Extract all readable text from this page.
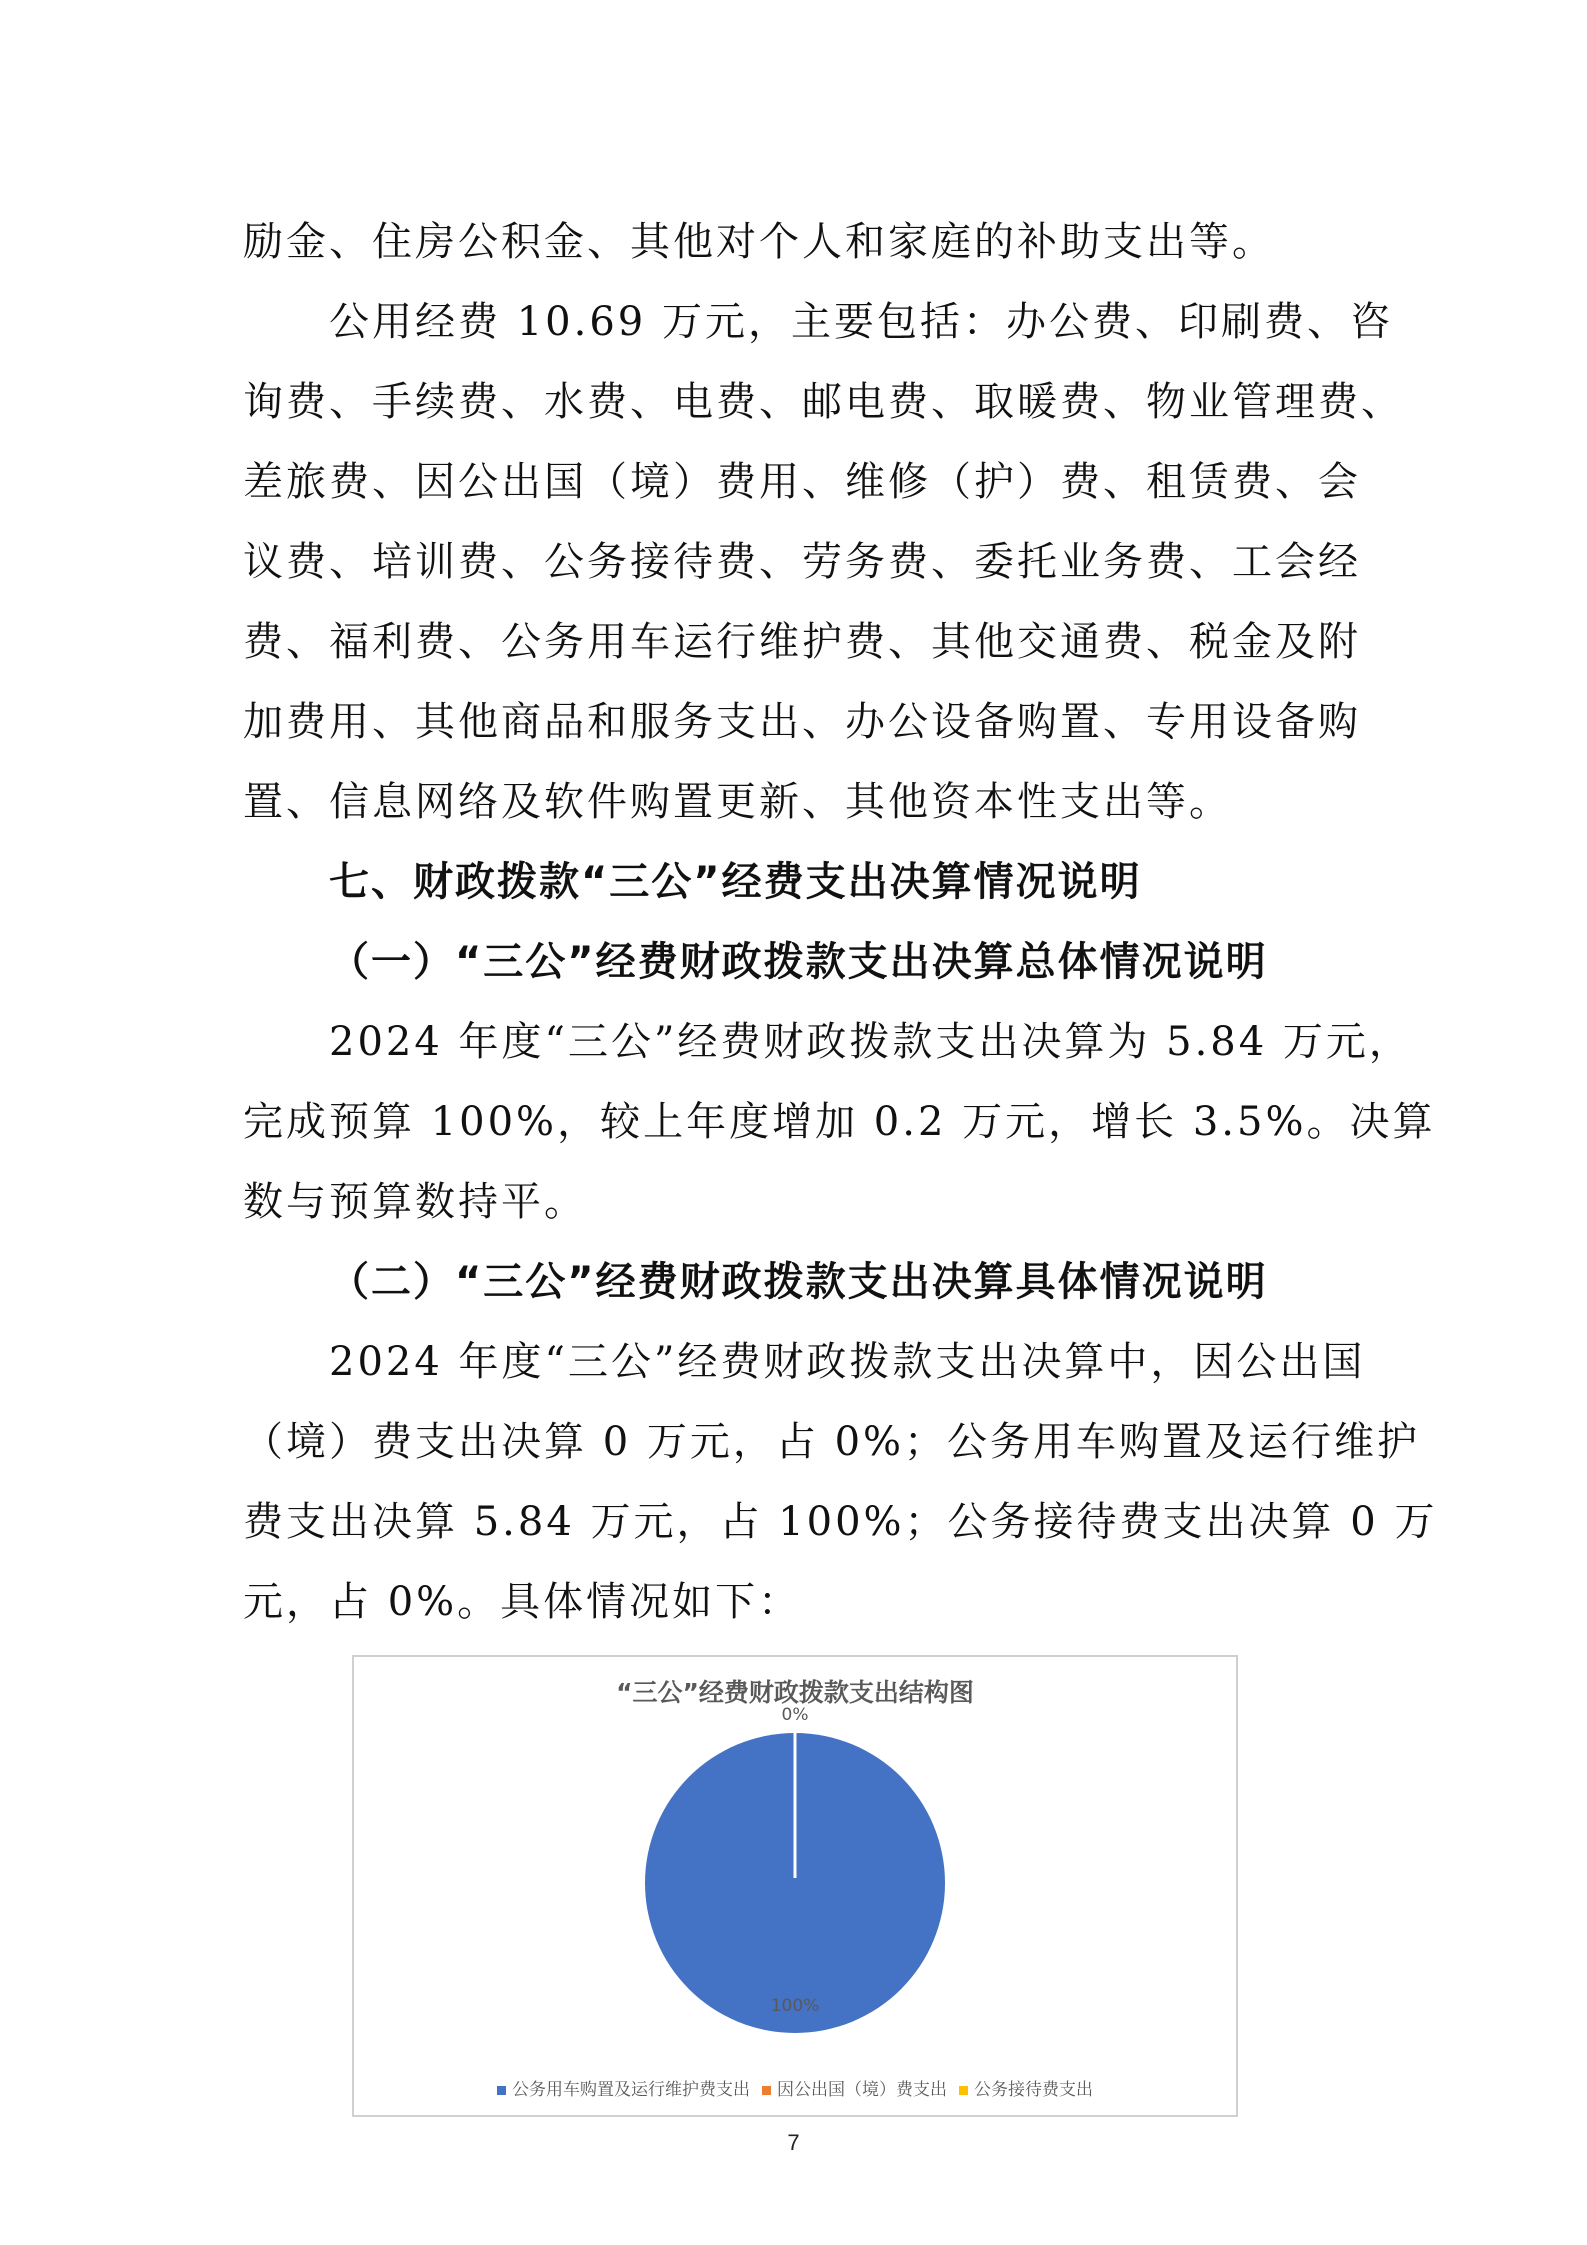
励金、住房公积金、其他对个人和家庭的补助支出等。
公用经费 10.69 万元，主要包括：办公费、印刷费、咨
询费、手续费、水费、电费、邮电费、取暖费、物业管理费、
差旅费、因公出国（境）费用、维修（护）费、租赁费、会
议费、培训费、公务接待费、劳务费、委托业务费、工会经
费、福利费、公务用车运行维护费、其他交通费、税金及附
加费用、其他商品和服务支出、办公设备购置、专用设备购
置、信息网络及软件购置更新、其他资本性支出等。
七、财政拨款“三公”经费支出决算情况说明
（一）“三公”经费财政拨款支出决算总体情况说明
2024 年度“三公”经费财政拨款支出决算为 5.84 万元，
完成预算 100%，较上年度增加 0.2 万元，增长 3.5%。决算
数与预算数持平。
（二）“三公”经费财政拨款支出决算具体情况说明
2024 年度“三公”经费财政拨款支出决算中，因公出国
（境）费支出决算 0 万元，占 0%；公务用车购置及运行维护
费支出决算 5.84 万元，占 100%；公务接待费支出决算 0 万
元，占 0%。具体情况如下：
“三公”经费财政拨款支出结构图
100%
0%
公务用车购置及运行维护费支出 因公出国（境）费支出 公务接待费支出
7
